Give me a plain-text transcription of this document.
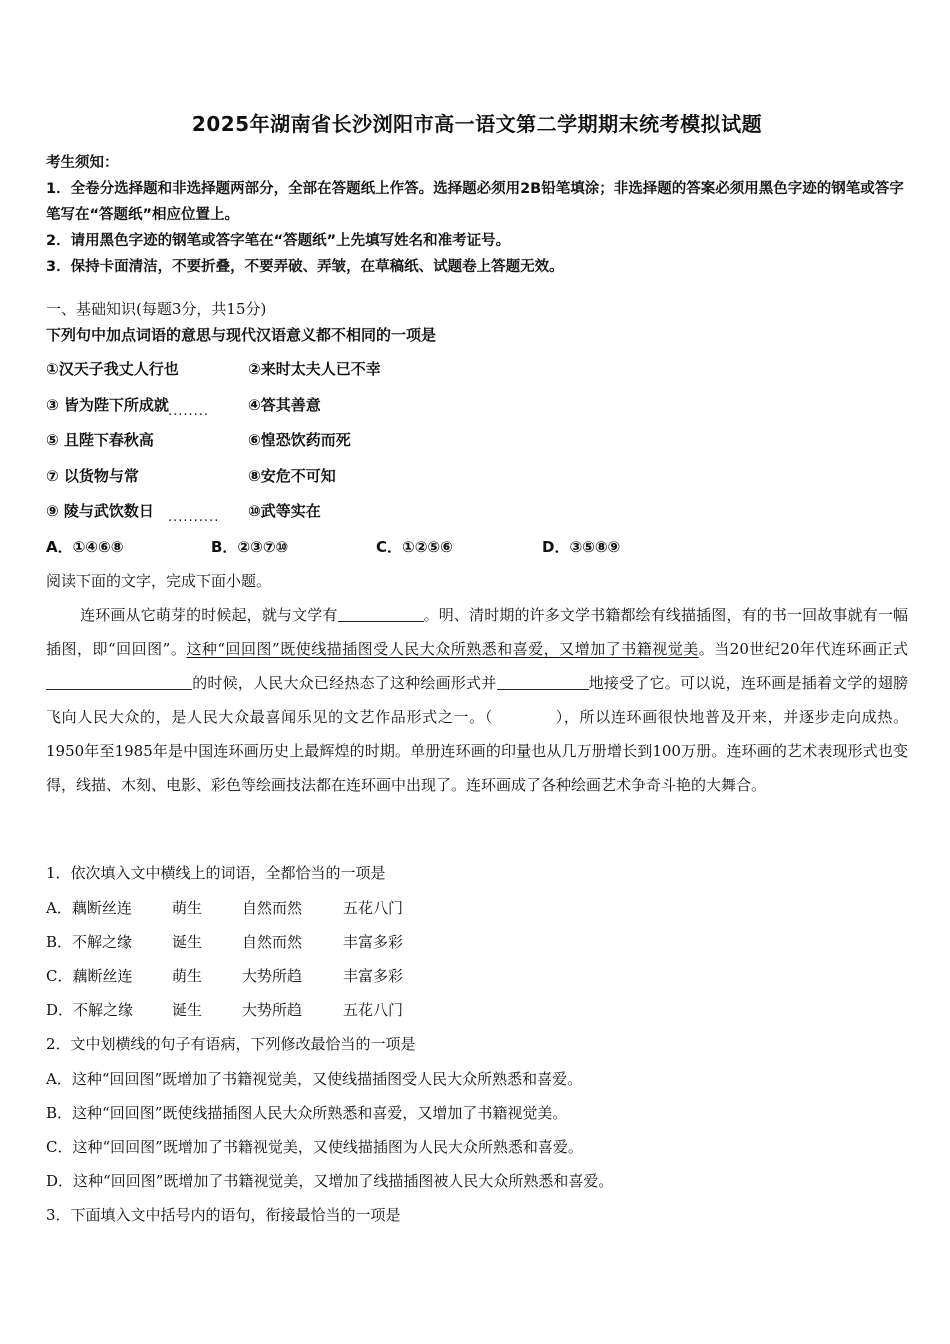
2025年湖南省长沙浏阳市高一语文第二学期期末统考模拟试题

考生须知：

1．全卷分选择题和非选择题两部分，全部在答题纸上作答。选择题必须用2B铅笔填涂；非选择题的答案必须用黑色字迹的钢笔或答字笔写在“答题纸”相应位置上。

2．请用黑色字迹的钢笔或答字笔在“答题纸”上先填写姓名和准考证号。

3．保持卡面清洁，不要折叠，不要弄破、弄皱，在草稿纸、试题卷上答题无效。

一、基础知识(每题3分，共15分)
下列句中加点词语的意思与现代汉语意义都不相同的一项是
①汉天子我丈人行也	②来时太夫人已不幸
③ 皆为陛下所成就 ........	④答其善意
⑤ 且陛下春秋高	⑥惶恐饮药而死
⑦ 以货物与常	⑧安危不可知
⑨ 陵与武饮数日 .......... ⑩武等实在
A．①④⑥⑧	B．②③⑦⑩	C．①②⑤⑥	D．③⑤⑧⑨
阅读下面的文字，完成下面小题。
连环画从它萌芽的时候起，就与文学有	。明、清时期的许多文学书籍都绘有线描插图，有的书一回故事就有一幅插图，即“回回图”。这种“回回图”既使线描插图受人民大众所熟悉和喜爱，又增加了书籍视觉美。当20世纪20年代连环画正式的时候，人民大众已经热态了这种绘画形式并	地接受了它。可以说，连环画是插着文学的翅膀飞向人民大众的，是人民大众最喜闻乐见的文艺作品形式之一。（　　　　），所以连环画很快地普及开来，并逐步走向成热。1950年至1985年是中国连环画历史上最辉煌的时期。单册连环画的印量也从几万册增长到100万册。连环画的艺术表现形式也变得，线描、木刻、电影、彩色等绘画技法都在连环画中出现了。连环画成了各种绘画艺术争奇斗艳的大舞合。
1．依次填入文中横线上的词语，全都恰当的一项是
A．藕断丝连	萌生	自然而然	五花八门
B．不解之缘	诞生	自然而然	丰富多彩
C．藕断丝连	萌生	大势所趋	丰富多彩
D．不解之缘	诞生	大势所趋	五花八门
2．文中划横线的句子有语病，下列修改最恰当的一项是
A．这种“回回图”既增加了书籍视觉美，又使线描插图受人民大众所熟悉和喜爱。
B．这种“回回图”既使线描插图人民大众所熟悉和喜爱，又增加了书籍视觉美。
C．这种“回回图”既增加了书籍视觉美，又使线描插图为人民大众所熟悉和喜爱。
D．这种“回回图”既增加了书籍视觉美，又增加了线描插图被人民大众所熟悉和喜爱。
3．下面填入文中括号内的语句，衔接最恰当的一项是
